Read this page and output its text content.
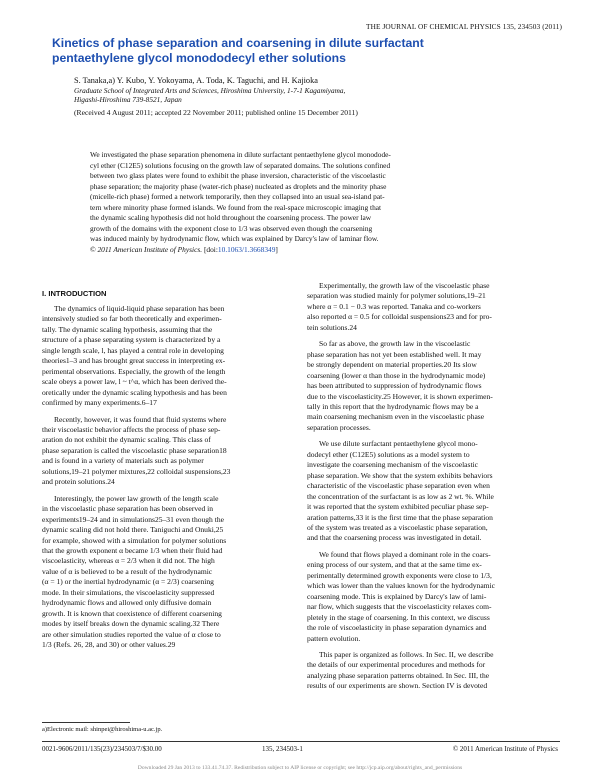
THE JOURNAL OF CHEMICAL PHYSICS 135, 234503 (2011)
Kinetics of phase separation and coarsening in dilute surfactant
pentaethylene glycol monododecyl ether solutions
S. Tanaka,a) Y. Kubo, Y. Yokoyama, A. Toda, K. Taguchi, and H. Kajioka
Graduate School of Integrated Arts and Sciences, Hiroshima University, 1-7-1 Kagamiyama,
Higashi-Hiroshima 739-8521, Japan
(Received 4 August 2011; accepted 22 November 2011; published online 15 December 2011)
We investigated the phase separation phenomena in dilute surfactant pentaethylene glycol monodode-
cyl ether (C12E5) solutions focusing on the growth law of separated domains. The solutions confined
between two glass plates were found to exhibit the phase inversion, characteristic of the viscoelastic
phase separation; the majority phase (water-rich phase) nucleated as droplets and the minority phase
(micelle-rich phase) formed a network temporarily, then they collapsed into an usual sea-island pat-
tern where minority phase formed islands. We found from the real-space microscopic imaging that
the dynamic scaling hypothesis did not hold throughout the coarsening process. The power law
growth of the domains with the exponent close to 1/3 was observed even though the coarsening
was induced mainly by hydrodynamic flow, which was explained by Darcy's law of laminar flow.
© 2011 American Institute of Physics. [doi:10.1063/1.3668349]
I. INTRODUCTION
The dynamics of liquid-liquid phase separation has been
intensively studied so far both theoretically and experimen-
tally. The dynamic scaling hypothesis, assuming that the
structure of a phase separating system is characterized by a
single length scale, l, has played a central role in developing
theories1–3 and has brought great success in interpreting ex-
perimental observations. Especially, the growth of the length
scale obeys a power law, l ~ t^α, which has been derived the-
oretically under the dynamic scaling hypothesis and has been
confirmed by many experiments.6–17
Recently, however, it was found that fluid systems where
their viscoelastic behavior affects the process of phase sep-
aration do not exhibit the dynamic scaling. This class of
phase separation is called the viscoelastic phase separation18
and is found in a variety of materials such as polymer
solutions,19–21 polymer mixtures,22 colloidal suspensions,23
and protein solutions.24
Interestingly, the power law growth of the length scale
in the viscoelastic phase separation has been observed in
experiments19–24 and in simulations25–31 even though the
dynamic scaling did not hold there. Taniguchi and Onuki,25
for example, showed with a simulation for polymer solutions
that the growth exponent α became 1/3 when their fluid had
viscoelasticity, whereas α = 2/3 when it did not. The high
value of α is believed to be a result of the hydrodynamic
(α = 1) or the inertial hydrodynamic (α = 2/3) coarsening
mode. In their simulations, the viscoelasticity suppressed
hydrodynamic flows and allowed only diffusive domain
growth. It is known that coexistence of different coarsening
modes by itself breaks down the dynamic scaling.32 There
are other simulation studies reported the value of α close to
1/3 (Refs. 26, 28, and 30) or other values.29
Experimentally, the growth law of the viscoelastic phase
separation was studied mainly for polymer solutions,19–21
where α = 0.1 − 0.3 was reported. Tanaka and co-workers
also reported α = 0.5 for colloidal suspensions23 and for pro-
tein solutions.24
So far as above, the growth law in the viscoelastic
phase separation has not yet been established well. It may
be strongly dependent on material properties.20 Its slow
coarsening (lower α than those in the hydrodynamic mode)
has been attributed to suppression of hydrodynamic flows
due to the viscoelasticity.25 However, it is shown experimen-
tally in this report that the hydrodynamic flows may be a
main coarsening mechanism even in the viscoelastic phase
separation processes.
We use dilute surfactant pentaethylene glycol mono-
dodecyl ether (C12E5) solutions as a model system to
investigate the coarsening mechanism of the viscoelastic
phase separation. We show that the system exhibits behaviors
characteristic of the viscoelastic phase separation even when
the concentration of the surfactant is as low as 2 wt. %. While
it was reported that the system exhibited peculiar phase sep-
aration patterns,33 it is the first time that the phase separation
of the system was treated as a viscoelastic phase separation,
and that the coarsening process was investigated in detail.
We found that flows played a dominant role in the coars-
ening process of our system, and that at the same time ex-
perimentally determined growth exponents were close to 1/3,
which was lower than the values known for the hydrodynamic
coarsening mode. This is explained by Darcy's law of lami-
nar flow, which suggests that the viscoelasticity relaxes com-
pletely in the stage of coarsening. In this context, we discuss
the role of viscoelasticity in phase separation dynamics and
pattern evolution.
This paper is organized as follows. In Sec. II, we describe
the details of our experimental procedures and methods for
analyzing phase separation patterns obtained. In Sec. III, the
results of our experiments are shown. Section IV is devoted
a)Electronic mail: shinpei@hiroshima-u.ac.jp.
0021-9606/2011/135(23)/234503/7/$30.00	135, 234503-1	© 2011 American Institute of Physics
Downloaded 29 Jan 2013 to 133.41.74.37. Redistribution subject to AIP license or copyright; see http://jcp.aip.org/about/rights_and_permissions
